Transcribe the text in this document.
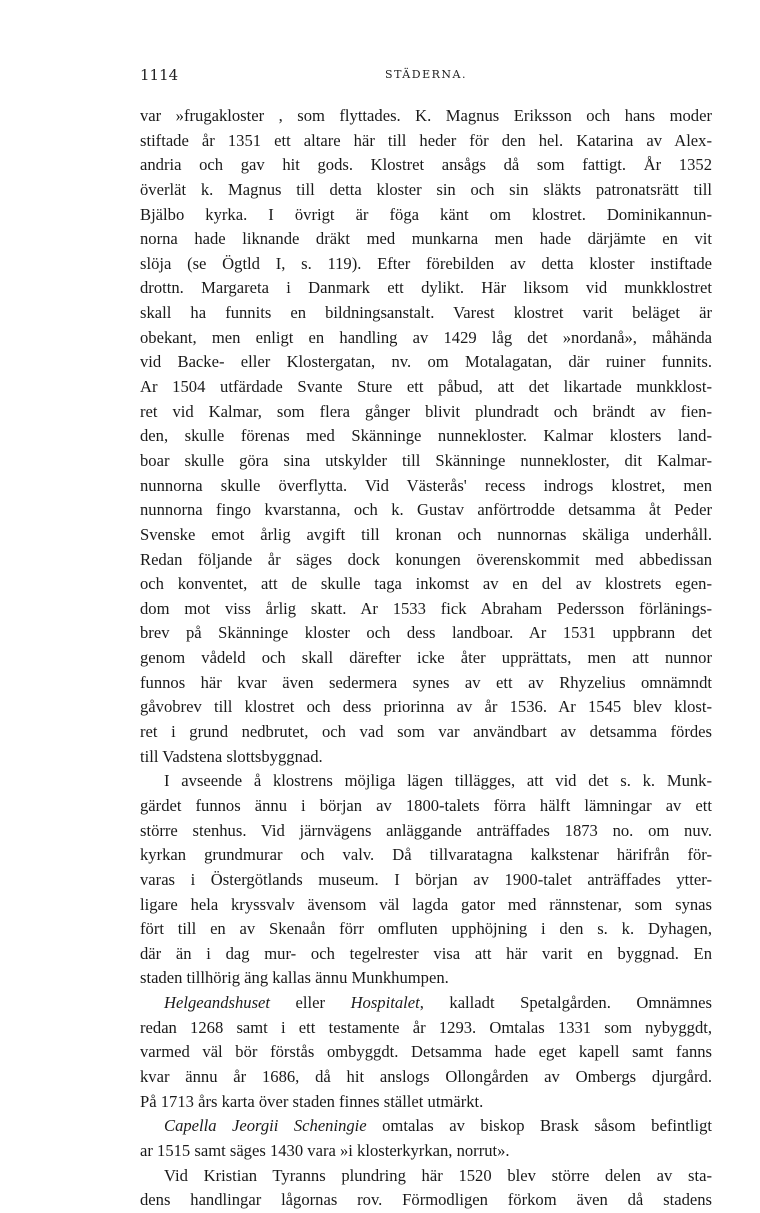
1114	STÄDERNA.
var »frugakloster , som flyttades. K. Magnus Eriksson och hans moder
stiftade år 1351 ett altare här till heder för den hel. Katarina av Alex-
andria och gav hit gods. Klostret ansågs då som fattigt. År 1352
överlät k. Magnus till detta kloster sin och sin släkts patronatsrätt till
Bjälbo kyrka. I övrigt är föga känt om klostret. Dominikannun-
norna hade liknande dräkt med munkarna men hade därjämte en vit
slöja (se Ögtld I, s. 119). Efter förebilden av detta kloster instiftade
drottn. Margareta i Danmark ett dylikt. Här liksom vid munkklostret
skall ha funnits en bildningsanstalt. Varest klostret varit beläget är
obekant, men enligt en handling av 1429 låg det »nordanå», måhända
vid Backe- eller Klostergatan, nv. om Motalagatan, där ruiner funnits.
Ar 1504 utfärdade Svante Sture ett påbud, att det likartade munkklost-
ret vid Kalmar, som flera gånger blivit plundradt och brändt av fien-
den, skulle förenas med Skänninge nunnekloster. Kalmar klosters land-
boar skulle göra sina utskylder till Skänninge nunnekloster, dit Kalmar-
nunnorna skulle överflytta. Vid Västerås' recess indrogs klostret, men
nunnorna fingo kvarstanna, och k. Gustav anförtrodde detsamma åt Peder
Svenske emot årlig avgift till kronan och nunnornas skäliga underhåll.
Redan följande år säges dock konungen överenskommit med abbedissan
och konventet, att de skulle taga inkomst av en del av klostrets egen-
dom mot viss årlig skatt. Ar 1533 fick Abraham Pedersson förlänings-
brev på Skänninge kloster och dess landboar. Ar 1531 uppbrann det
genom vådeld och skall därefter icke åter upprättats, men att nunnor
funnos här kvar även sedermera synes av ett av Rhyzelius omnämndt
gåvobrev till klostret och dess priorinna av år 1536. Ar 1545 blev klost-
ret i grund nedbrutet, och vad som var användbart av detsamma fördes
till Vadstena slottsbyggnad.
I avseende å klostrens möjliga lägen tillägges, att vid det s. k. Munk-
gärdet funnos ännu i början av 1800-talets förra hälft lämningar av ett
större stenhus. Vid järnvägens anläggande anträffades 1873 no. om nuv.
kyrkan grundmurar och valv. Då tillvaratagna kalkstenar härifrån för-
varas i Östergötlands museum. I början av 1900-talet anträffades ytter-
ligare hela kryssvalv ävensom väl lagda gator med rännstenar, som synas
fört till en av Skenaån förr omfluten upphöjning i den s. k. Dyhagen,
där än i dag mur- och tegelrester visa att här varit en byggnad. En
staden tillhörig äng kallas ännu Munkhumpen.
Helgeandshuset eller Hospitalet, kalladt Spetalgården. Omnämnes
redan 1268 samt i ett testamente år 1293. Omtalas 1331 som nybyggdt,
varmed väl bör förstås ombyggdt. Detsamma hade eget kapell samt fanns
kvar ännu år 1686, då hit anslogs Ollongården av Ombergs djurgård.
På 1713 års karta över staden finnes stället utmärkt.
Capella Jeorgii Scheningie omtalas av biskop Brask såsom befintligt
ar 1515 samt säges 1430 vara »i klosterkyrkan, norrut».
Vid Kristian Tyranns plundring här 1520 blev större delen av sta-
dens handlingar lågornas rov. Förmodligen förkom även då stadens
